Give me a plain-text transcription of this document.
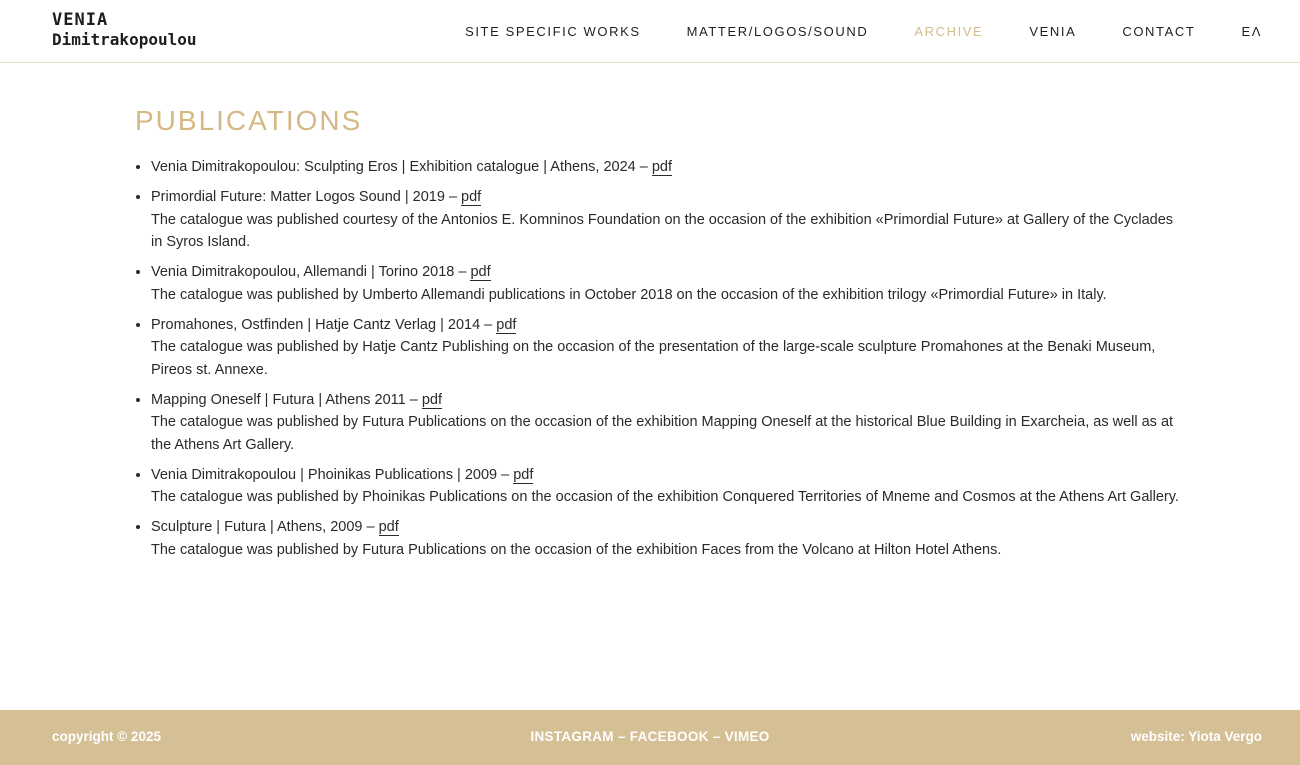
VENIA
Dimitrakopoulou	SITE SPECIFIC WORKS	MATTER/LOGOS/SOUND	ARCHIVE	VENIA	CONTACT	ΕΛ
PUBLICATIONS
• Venia Dimitrakopoulou: Sculpting Eros | Exhibition catalogue | Athens, 2024 – pdf
• Primordial Future: Matter Logos Sound | 2019 – pdf
The catalogue was published courtesy of the Antonios E. Komninos Foundation on the occasion of the exhibition «Primordial Future» at Gallery of the Cyclades in Syros Island.
• Venia Dimitrakopoulou, Allemandi | Torino 2018 – pdf
The catalogue was published by Umberto Allemandi publications in October 2018 on the occasion of the exhibition trilogy «Primordial Future» in Italy.
• Promahones, Ostfinden | Hatje Cantz Verlag | 2014 – pdf
The catalogue was published by Hatje Cantz Publishing on the occasion of the presentation of the large-scale sculpture Promahones at the Benaki Museum, Pireos st. Annexe.
• Mapping Oneself | Futura | Athens 2011 – pdf
The catalogue was published by Futura Publications on the occasion of the exhibition Mapping Oneself at the historical Blue Building in Exarcheia, as well as at the Athens Art Gallery.
• Venia Dimitrakopoulou | Phoinikas Publications | 2009 – pdf
The catalogue was published by Phoinikas Publications on the occasion of the exhibition Conquered Territories of Mneme and Cosmos at the Athens Art Gallery.
• Sculpture | Futura | Athens, 2009 – pdf
The catalogue was published by Futura Publications on the occasion of the exhibition Faces from the Volcano at Hilton Hotel Athens.
copyright © 2025	INSTAGRAM – FACEBOOK – VIMEO	website: Yiota Vergo
